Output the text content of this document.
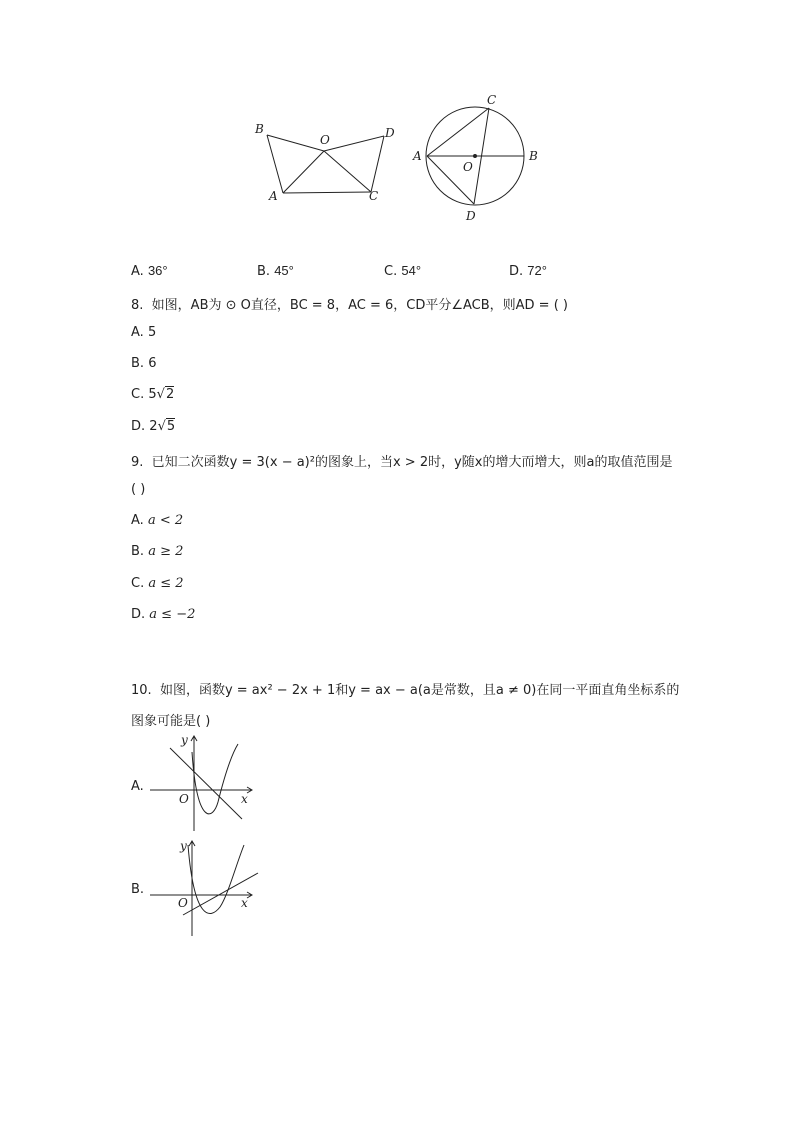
B
O	D
A	C
C
A
O
B
D
A. 36°	B. 45°	C. 54°	D. 72°
8. 如图，AB为 ⊙ O直径，BC = 8，AC = 6，CD平分∠ACB，则AD = ( )
A. 5
B. 6
C. 5√2
D. 2√5
9. 已知二次函数y = 3(x − a)²的图象上，当x > 2时，y随x的增大而增大，则a的取值范围是
( )
A. a < 2
B. a ≥ 2
C. a ≤ 2
D. a ≤ −2
10. 如图，函数y = ax² − 2x + 1和y = ax − a(a是常数，且a ≠ 0)在同一平面直角坐标系的
图象可能是( )
A.
y
x
O
B.
y
x
O
